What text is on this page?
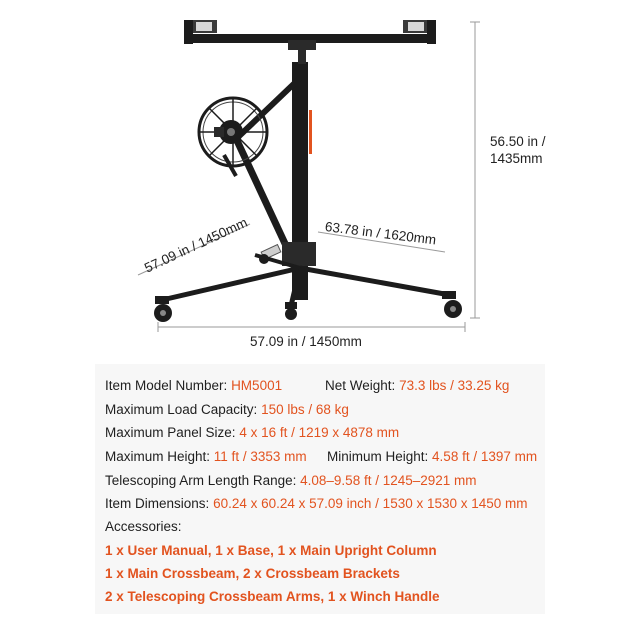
56.50 in /
1435mm
63.78 in / 1620mm
57.09 in / 1450mm
57.09 in / 1450mm
Item Model Number: HM5001	Net Weight: 73.3 lbs / 33.25 kg
Maximum Load Capacity: 150 lbs / 68 kg
Maximum Panel Size: 4 x 16 ft / 1219 x 4878 mm
Maximum Height: 11 ft / 3353 mm Minimum Height: 4.58 ft / 1397 mm
Telescoping Arm Length Range: 4.08–9.58 ft / 1245–2921 mm
Item Dimensions: 60.24 x 60.24 x 57.09 inch / 1530 x 1530 x 1450 mm
Accessories:
1 x User Manual, 1 x Base, 1 x Main Upright Column
1 x Main Crossbeam, 2 x Crossbeam Brackets
2 x Telescoping Crossbeam Arms, 1 x Winch Handle
